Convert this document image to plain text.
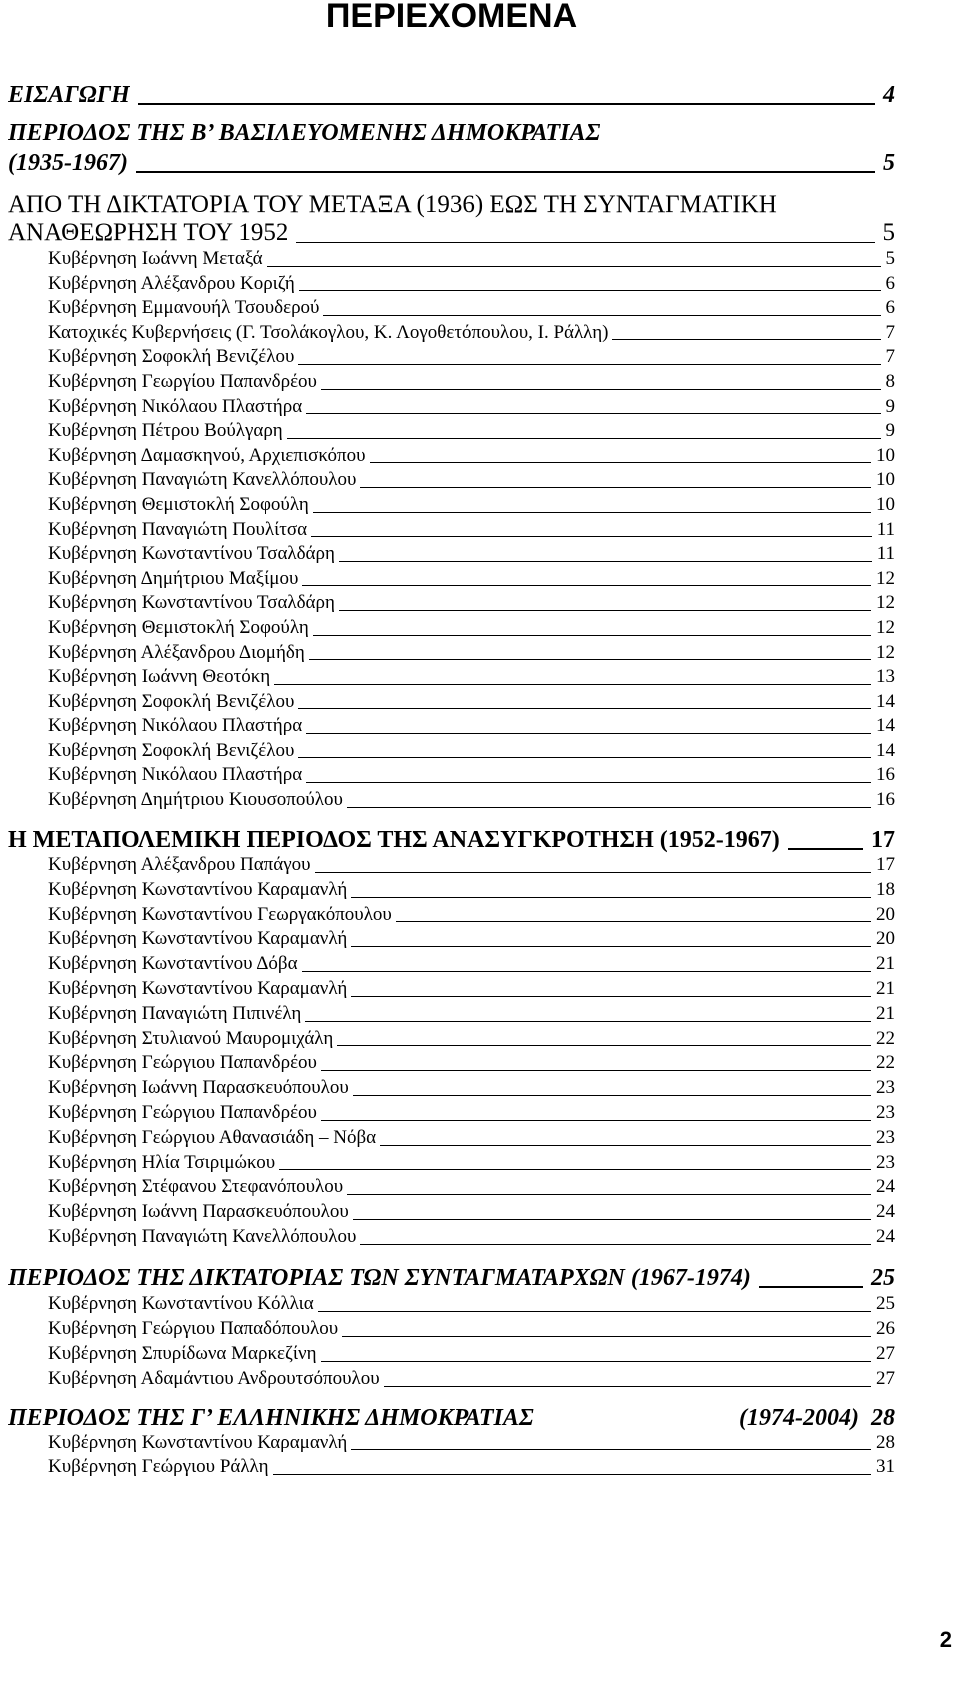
ΠΕΡΙΕΧΟΜΕΝΑ
ΕΙΣΑΓΩΓΗ	4
ΠΕΡΙΟΔΟΣ ΤΗΣ Β’ ΒΑΣΙΛΕΥΟΜΕΝΗΣ ΔΗΜΟΚΡΑΤΙΑΣ
(1935-1967)	5
ΑΠΟ ΤΗ ΔΙΚΤΑΤΟΡΙΑ ΤΟΥ ΜΕΤΑΞΑ (1936) ΕΩΣ ΤΗ ΣΥΝΤΑΓΜΑΤΙΚΗ
ΑΝΑΘΕΩΡΗΣΗ ΤΟΥ 1952	5
Κυβέρνηση Ιωάννη Μεταξά	5
Κυβέρνηση Αλέξανδρου Κοριζή	6
Κυβέρνηση Εμμανουήλ Τσουδερού	6
Κατοχικές Κυβερνήσεις (Γ. Τσολάκογλου, Κ. Λογοθετόπουλου, Ι. Ράλλη)	7
Κυβέρνηση Σοφοκλή Βενιζέλου	7
Κυβέρνηση Γεωργίου Παπανδρέου	8
Κυβέρνηση Νικόλαου Πλαστήρα	9
Κυβέρνηση Πέτρου Βούλγαρη	9
Κυβέρνηση Δαμασκηνού, Αρχιεπισκόπου	10
Κυβέρνηση Παναγιώτη Κανελλόπουλου	10
Κυβέρνηση Θεμιστοκλή Σοφούλη	10
Κυβέρνηση Παναγιώτη Πουλίτσα	11
Κυβέρνηση Κωνσταντίνου Τσαλδάρη	11
Κυβέρνηση Δημήτριου Μαξίμου	12
Κυβέρνηση Κωνσταντίνου Τσαλδάρη	12
Κυβέρνηση Θεμιστοκλή Σοφούλη	12
Κυβέρνηση Αλέξανδρου Διομήδη	12
Κυβέρνηση Ιωάννη Θεοτόκη	13
Κυβέρνηση Σοφοκλή Βενιζέλου	14
Κυβέρνηση Νικόλαου Πλαστήρα	14
Κυβέρνηση Σοφοκλή Βενιζέλου	14
Κυβέρνηση Νικόλαου Πλαστήρα	16
Κυβέρνηση Δημήτριου Κιουσοπούλου	16
Η ΜΕΤΑΠΟΛΕΜΙΚΗ ΠΕΡΙΟΔΟΣ ΤΗΣ ΑΝΑΣΥΓΚΡΟΤΗΣΗ (1952-1967)	17
Κυβέρνηση Αλέξανδρου Παπάγου	17
Κυβέρνηση Κωνσταντίνου Καραμανλή	18
Κυβέρνηση Κωνσταντίνου Γεωργακόπουλου	20
Κυβέρνηση Κωνσταντίνου Καραμανλή	20
Κυβέρνηση Κωνσταντίνου Δόβα	21
Κυβέρνηση Κωνσταντίνου Καραμανλή	21
Κυβέρνηση Παναγιώτη Πιπινέλη	21
Κυβέρνηση Στυλιανού Μαυρομιχάλη	22
Κυβέρνηση Γεώργιου Παπανδρέου	22
Κυβέρνηση Ιωάννη Παρασκευόπουλου	23
Κυβέρνηση Γεώργιου Παπανδρέου	23
Κυβέρνηση Γεώργιου Αθανασιάδη – Νόβα	23
Κυβέρνηση Ηλία Τσιριμώκου	23
Κυβέρνηση Στέφανου Στεφανόπουλου	24
Κυβέρνηση Ιωάννη Παρασκευόπουλου	24
Κυβέρνηση Παναγιώτη Κανελλόπουλου	24
ΠΕΡΙΟΔΟΣ ΤΗΣ ΔΙΚΤΑΤΟΡΙΑΣ ΤΩΝ ΣΥΝΤΑΓΜΑΤΑΡΧΩΝ (1967-1974)	25
Κυβέρνηση Κωνσταντίνου Κόλλια	25
Κυβέρνηση Γεώργιου Παπαδόπουλου	26
Κυβέρνηση Σπυρίδωνα Μαρκεζίνη	27
Κυβέρνηση Αδαμάντιου Ανδρουτσόπουλου	27
ΠΕΡΙΟΔΟΣ ΤΗΣ Γ’ ΕΛΛΗΝΙΚΗΣ ΔΗΜΟΚΡΑΤΙΑΣ	(1974-2004) 28
Κυβέρνηση Κωνσταντίνου Καραμανλή	28
Κυβέρνηση Γεώργιου Ράλλη	31
2
